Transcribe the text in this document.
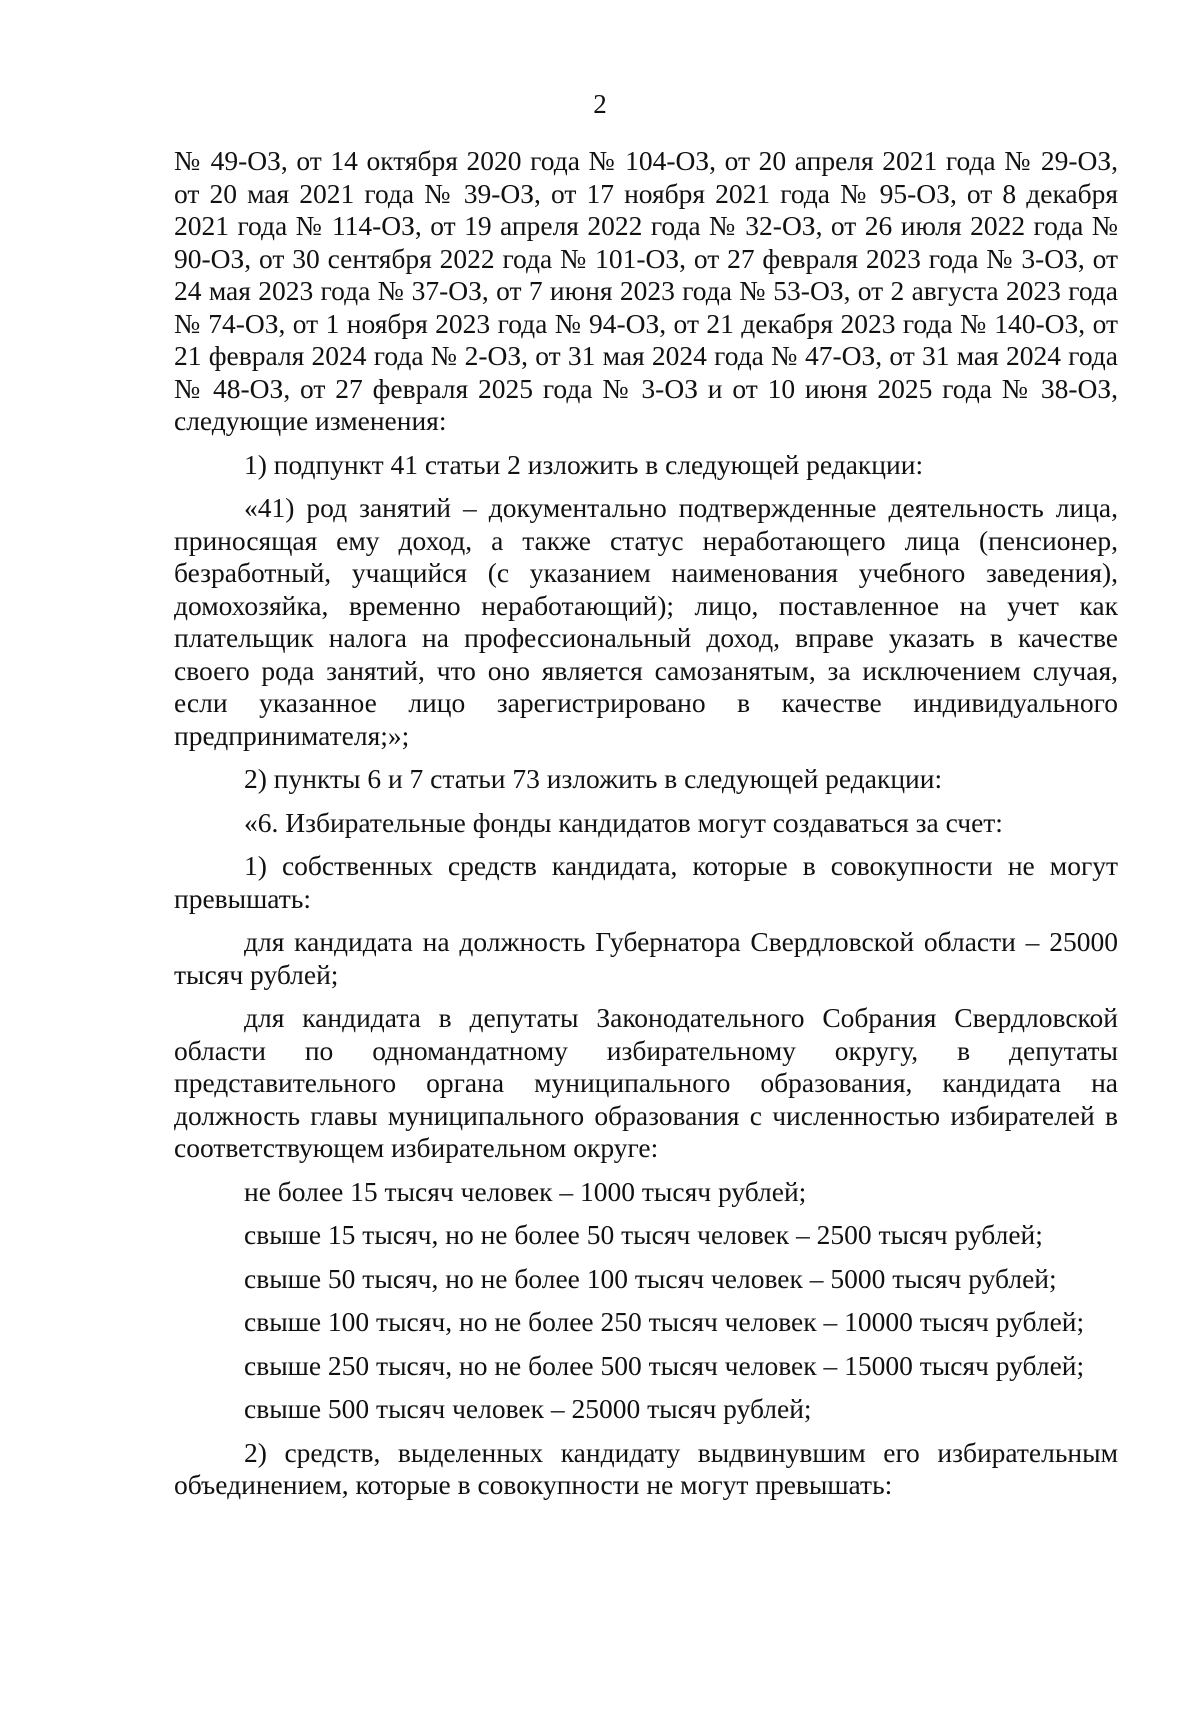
2

№ 49-ОЗ, от 14 октября 2020 года № 104-ОЗ, от 20 апреля 2021 года № 29-ОЗ, от 20 мая 2021 года № 39-ОЗ, от 17 ноября 2021 года № 95-ОЗ, от 8 декабря 2021 года № 114-ОЗ, от 19 апреля 2022 года № 32-ОЗ, от 26 июля 2022 года № 90-ОЗ, от 30 сентября 2022 года № 101-ОЗ, от 27 февраля 2023 года № 3-ОЗ, от 24 мая 2023 года № 37-ОЗ, от 7 июня 2023 года № 53-ОЗ, от 2 августа 2023 года № 74-ОЗ, от 1 ноября 2023 года № 94-ОЗ, от 21 декабря 2023 года № 140-ОЗ, от 21 февраля 2024 года № 2-ОЗ, от 31 мая 2024 года № 47-ОЗ, от 31 мая 2024 года № 48-ОЗ, от 27 февраля 2025 года № 3-ОЗ и от 10 июня 2025 года № 38-ОЗ, следующие изменения:

1) подпункт 41 статьи 2 изложить в следующей редакции:

«41) род занятий – документально подтвержденные деятельность лица, приносящая ему доход, а также статус неработающего лица (пенсионер, безработный, учащийся (с указанием наименования учебного заведения), домохозяйка, временно неработающий); лицо, поставленное на учет как плательщик налога на профессиональный доход, вправе указать в качестве своего рода занятий, что оно является самозанятым, за исключением случая, если указанное лицо зарегистрировано в качестве индивидуального предпринимателя;»;

2) пункты 6 и 7 статьи 73 изложить в следующей редакции:

«6. Избирательные фонды кандидатов могут создаваться за счет:

1) собственных средств кандидата, которые в совокупности не могут превышать:

для кандидата на должность Губернатора Свердловской области – 25000 тысяч рублей;

для кандидата в депутаты Законодательного Собрания Свердловской области по одномандатному избирательному округу, в депутаты представительного органа муниципального образования, кандидата на должность главы муниципального образования с численностью избирателей в соответствующем избирательном округе:

не более 15 тысяч человек – 1000 тысяч рублей;

свыше 15 тысяч, но не более 50 тысяч человек – 2500 тысяч рублей;

свыше 50 тысяч, но не более 100 тысяч человек – 5000 тысяч рублей;

свыше 100 тысяч, но не более 250 тысяч человек – 10000 тысяч рублей;

свыше 250 тысяч, но не более 500 тысяч человек – 15000 тысяч рублей;

свыше 500 тысяч человек – 25000 тысяч рублей;

2) средств, выделенных кандидату выдвинувшим его избирательным объединением, которые в совокупности не могут превышать:
